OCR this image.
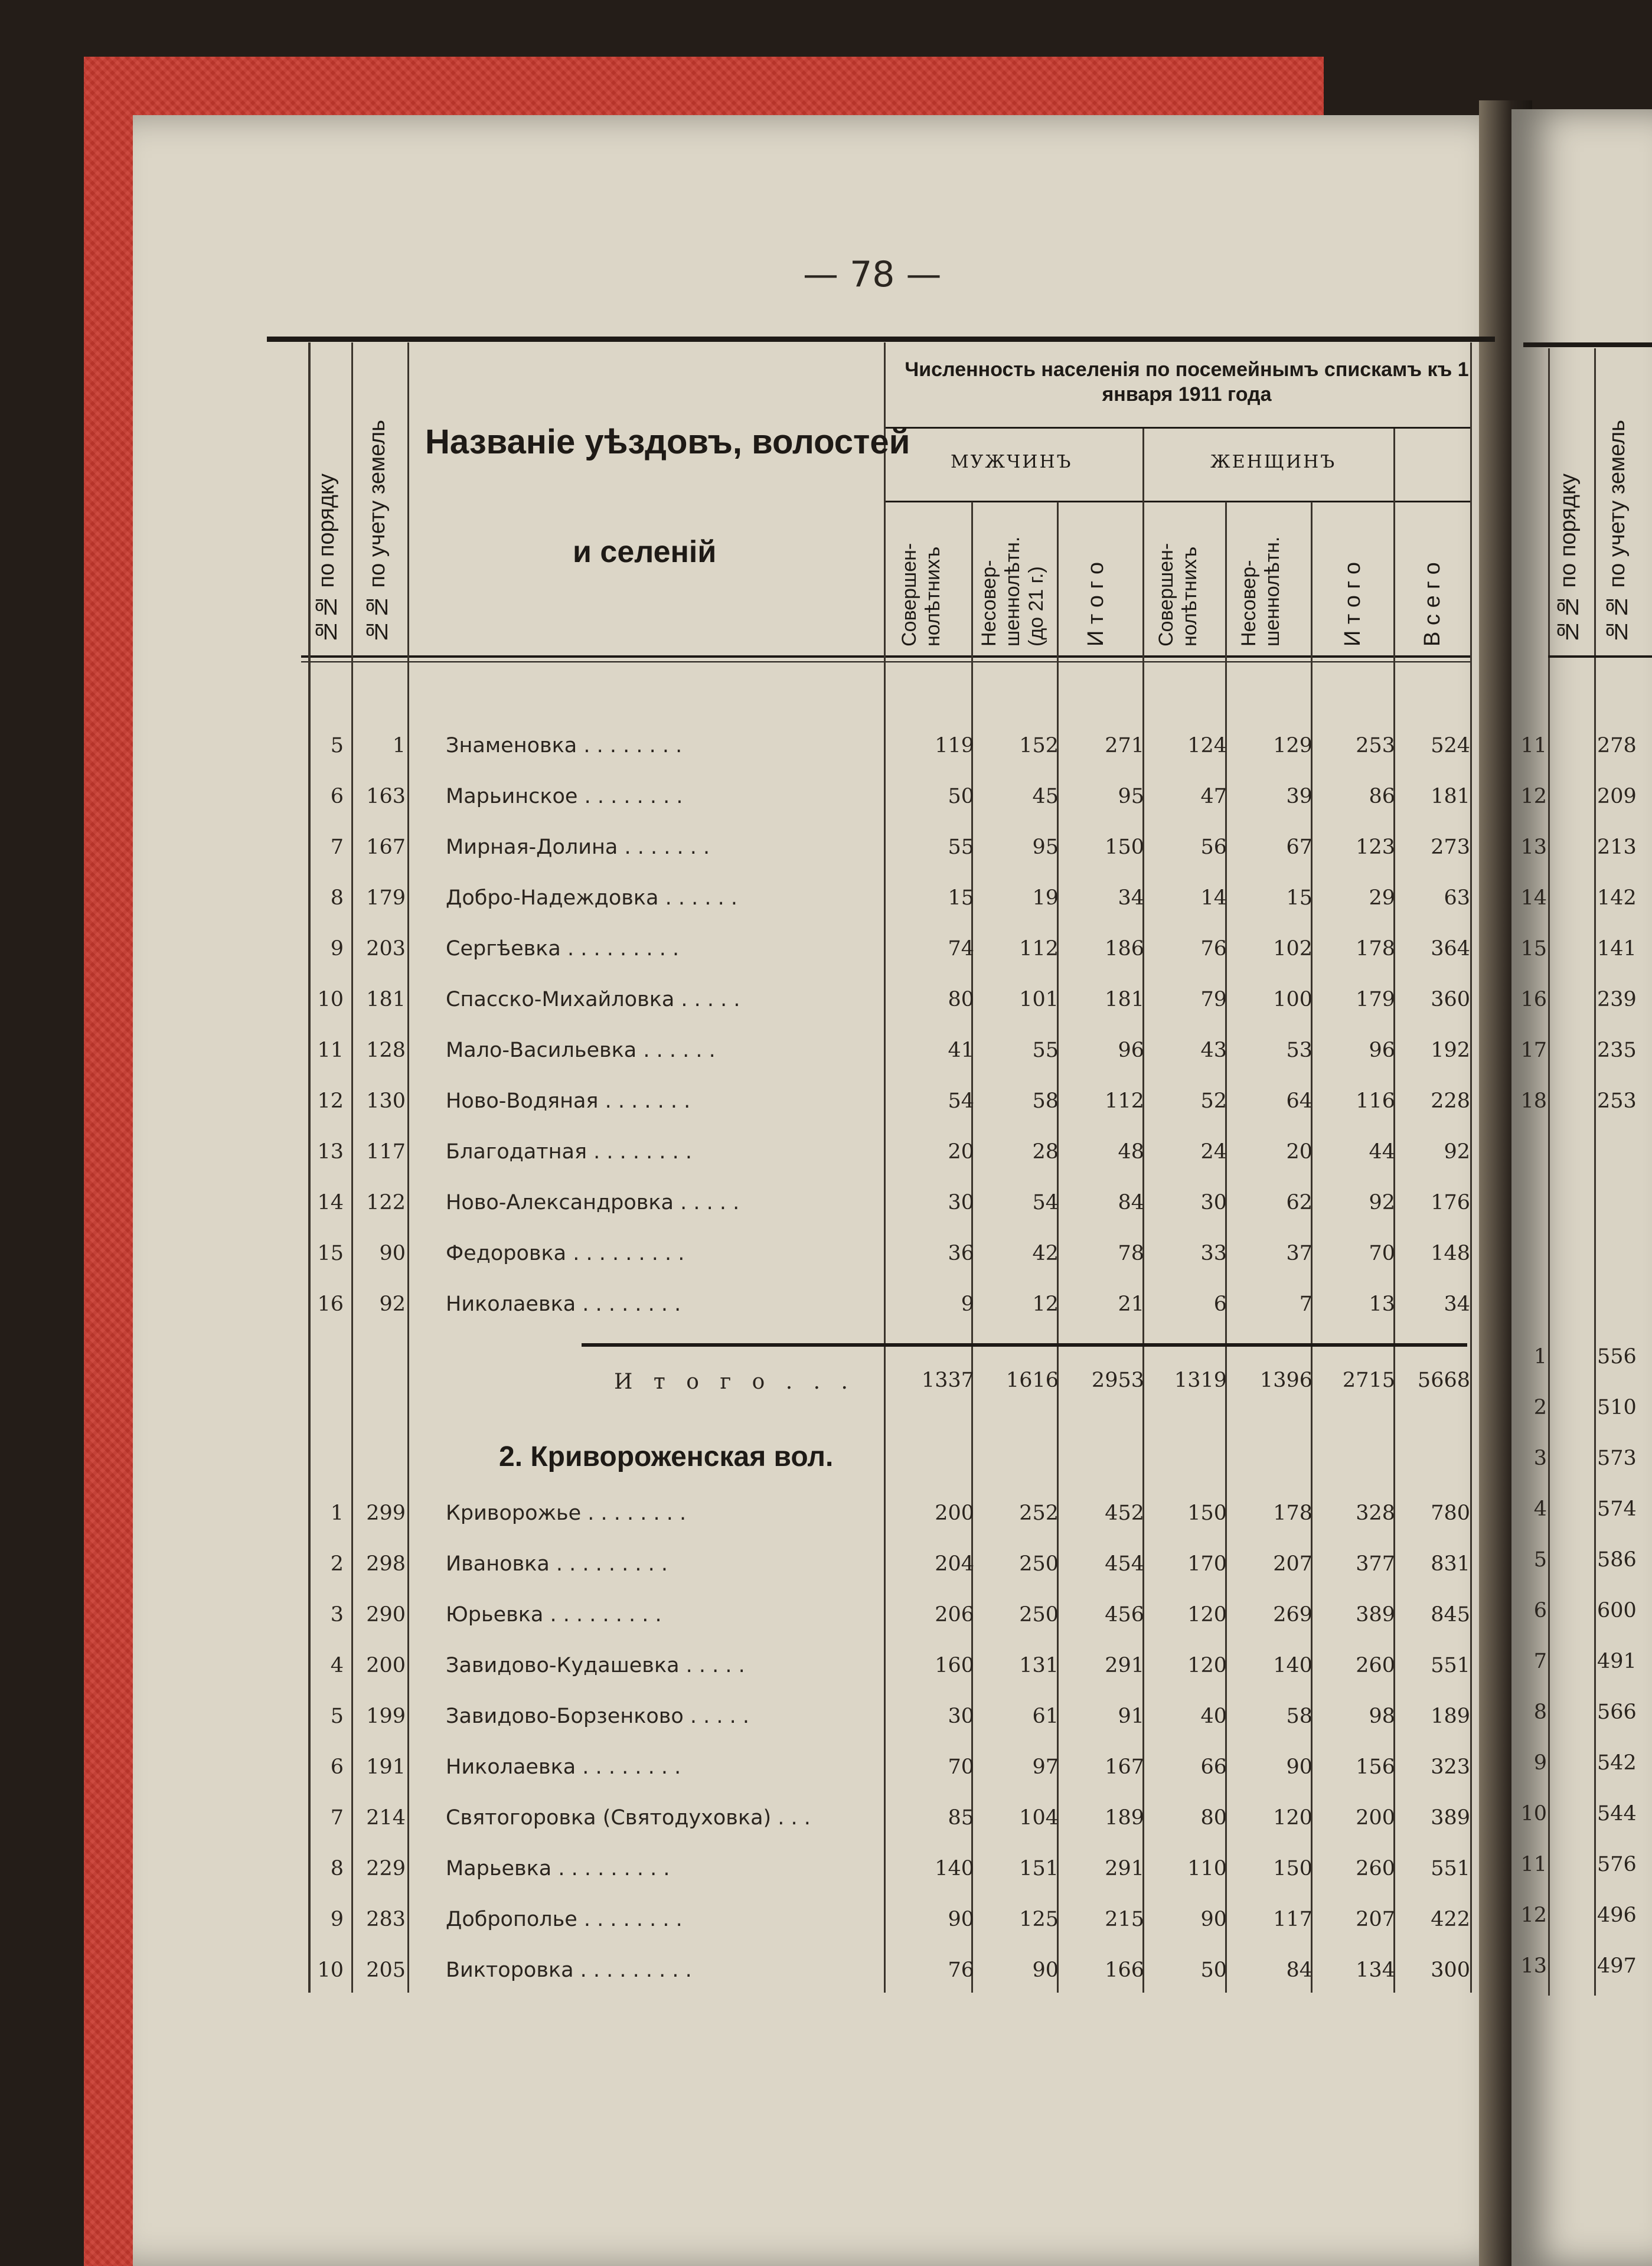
— 78 —
№№ по порядку №№ по учету земель Названіе уѣздовъ, волостей
и селеній
Численность населенія по посемейнымъ спискамъ къ 1 января 1911 года
МУЖЧИНЪ	ЖЕНЩИНЪ
Совершен- нолѣтнихъ	Несовер- шеннолѣтн. (до 21 г.) И т о г о Совершен- нолѣтнихъ	Несовер- шеннолѣтн.	И т о г о В с е г о
5	1 Знаменовка . . . . . . . .	119	152	271	124	129	253	524
6	163 Марьинское . . . . . . . .	50	45	95	47	39	86	181
7	167 Мирная-Долина . . . . . . .	55	95	150	56	67	123	273
8	179 Добро-Надеждовка . . . . . .	15	19	34	14	15	29	63
9	203 Сергѣевка . . . . . . . . .	74	112	186	76	102	178	364
10	181 Спасско-Михайловка . . . . .	80	101	181	79	100	179	360
11	128 Мало-Васильевка . . . . . .	41	55	96	43	53	96	192
12	130 Ново-Водяная . . . . . . .	54	58	112	52	64	116	228
13	117 Благодатная . . . . . . . .	20	28	48	24	20	44	92
14	122 Ново-Александровка . . . . .	30	54	84	30	62	92	176
15	90 Федоровка . . . . . . . . .	36	42	78	33	37	70	148
16	92 Николаевка . . . . . . . .	9	12	21	6	7	13	34
И т о г о . . .	1337	1616	2953	1319	1396	2715	5668
2. Кривороженская вол.
1	299 Криворожье . . . . . . . .	200	252	452	150	178	328	780
2	298 Ивановка . . . . . . . . .	204	250	454	170	207	377	831
3	290 Юрьевка . . . . . . . . .	206	250	456	120	269	389	845
4	200 Завидово-Кудашевка . . . . .	160	131	291	120	140	260	551
5	199 Завидово-Борзенково . . . . .	30	61	91	40	58	98	189
6	191 Николаевка . . . . . . . .	70	97	167	66	90	156	323
7	214 Святогоровка (Святодуховка) . . .	85	104	189	80	120	200	389
8	229 Марьевка . . . . . . . . .	140	151	291	110	150	260	551
9	283 Доброполье . . . . . . . .	90	125	215	90	117	207	422
10	205 Викторовка . . . . . . . . .	76	90	166	50	84	134	300
№№ по порядку №№ по учету земель
11 278
12 209
13 213
14 142
15 141
16 239
17 235
18 253
1 556
2 510
3 573
4 574
5 586
6 600
7 491
8 566
9 542
10 544
11 576
12 496
13 497
